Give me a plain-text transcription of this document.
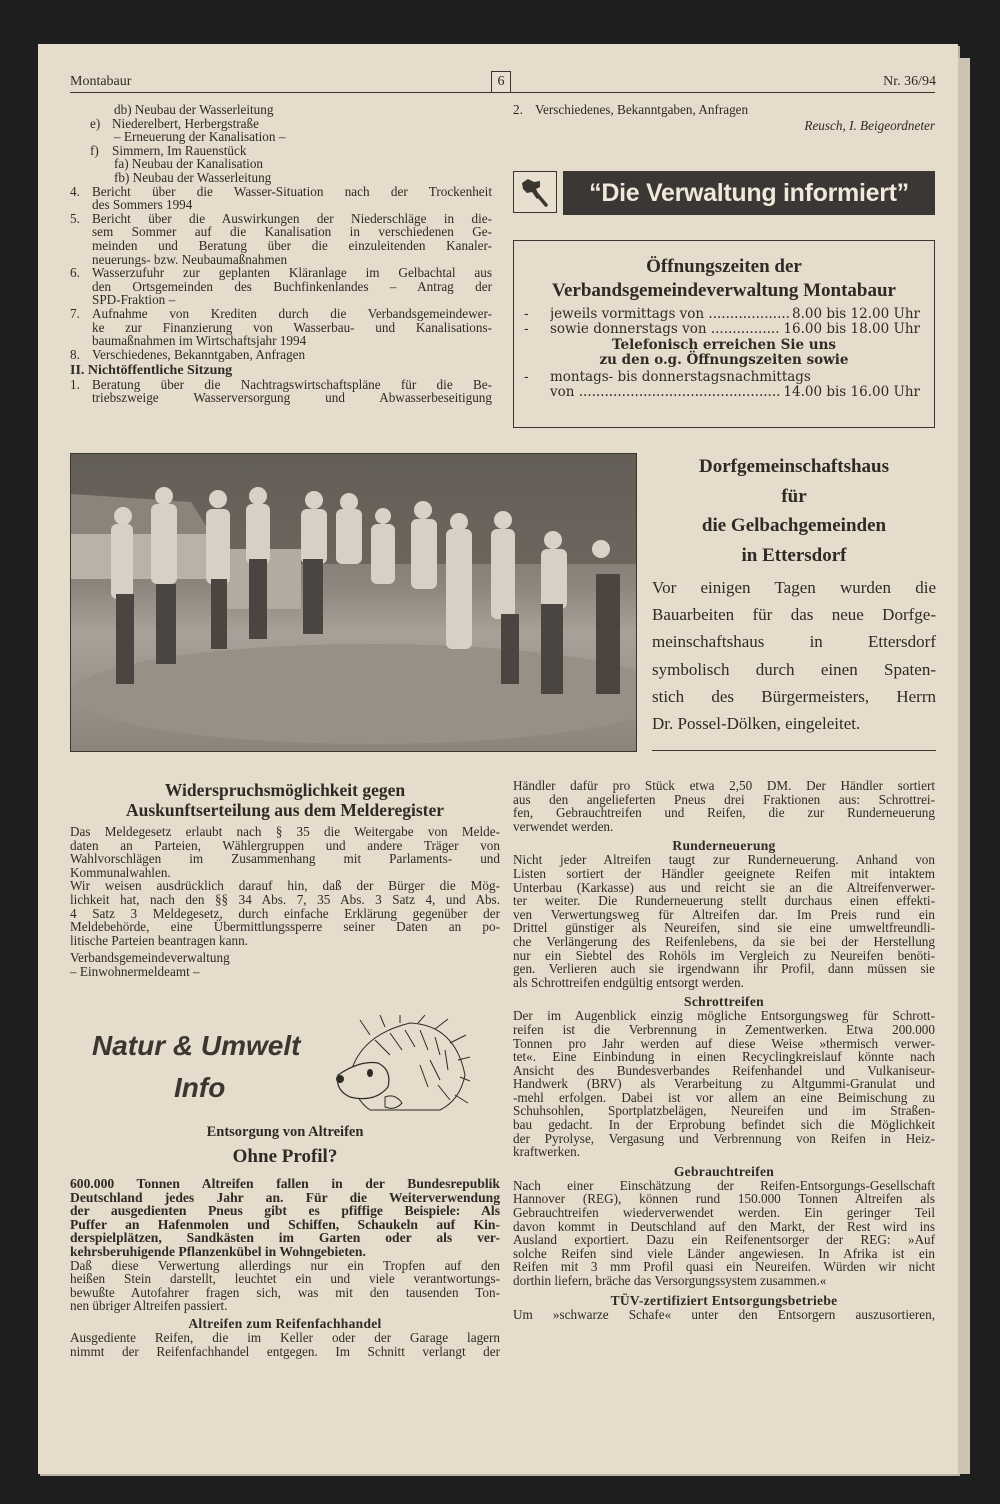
Montabaur	6	Nr. 36/94
db) Neubau der Wasserleitung
e) Niederelbert, Herbergstraße
– Erneuerung der Kanalisation –
f)	Simmern, Im Rauenstück
fa) Neubau der Kanalisation
fb) Neubau der Wasserleitung
4. Bericht über die Wasser-Situation nach der Trockenheit
des Sommers 1994
5. Bericht über die Auswirkungen der Niederschläge in die-
sem Sommer auf die Kanalisation in verschiedenen Ge-
meinden und Beratung über die einzuleitenden Kanaler-
neuerungs- bzw. Neubaumaßnahmen
6. Wasserzufuhr zur geplanten Kläranlage im Gelbachtal aus
den Ortsgemeinden des Buchfinkenlandes – Antrag der
SPD-Fraktion –
7. Aufnahme von Krediten durch die Verbandsgemeindewer-
ke zur Finanzierung von Wasserbau- und Kanalisations-
baumaßnahmen im Wirtschaftsjahr 1994
8. Verschiedenes, Bekanntgaben, Anfragen
II. Nichtöffentliche Sitzung
1. Beratung über die Nachtragswirtschaftspläne für die Be-
triebszweige Wasserversorgung und Abwasserbeseitigung
2. Verschiedenes, Bekanntgaben, Anfragen
Reusch, I. Beigeordneter
“Die Verwaltung informiert”
Öffnungszeiten der
Verbandsgemeindeverwaltung Montabaur
-	jeweils vormittags von .....	8.00 bis 12.00 Uhr
-	sowie donnerstags von .....	16.00 bis 18.00 Uhr
Telefonisch erreichen Sie uns
zu den o.g. Öffnungszeiten sowie
-	montags- bis donnerstagsnachmittags
von .....	14.00 bis 16.00 Uhr
Dorfgemeinschaftshaus
für
die Gelbachgemeinden
in Ettersdorf
Vor einigen Tagen wurden die
Bauarbeiten für das neue Dorfge-
meinschaftshaus in Ettersdorf
symbolisch durch einen Spaten-
stich des Bürgermeisters, Herrn
Dr. Possel-Dölken, eingeleitet.
Widerspruchsmöglichkeit gegen
Auskunftserteilung aus dem Melderegister
Das Meldegesetz erlaubt nach § 35 die Weitergabe von Melde-
daten an Parteien, Wählergruppen und andere Träger von
Wahlvorschlägen im Zusammenhang mit Parlaments- und
Kommunalwahlen.
Wir weisen ausdrücklich darauf hin, daß der Bürger die Mög-
lichkeit hat, nach den §§ 34 Abs. 7, 35 Abs. 3 Satz 4, und Abs.
4 Satz 3 Meldegesetz, durch einfache Erklärung gegenüber der
Meldebehörde, eine Übermittlungssperre seiner Daten an po-
litische Parteien beantragen kann.
Verbandsgemeindeverwaltung
– Einwohnermeldeamt –
Natur & Umwelt
Info
Entsorgung von Altreifen
Ohne Profil?
600.000 Tonnen Altreifen fallen in der Bundesrepublik
Deutschland jedes Jahr an. Für die Weiterverwendung
der ausgedienten Pneus gibt es pfiffige Beispiele: Als
Puffer an Hafenmolen und Schiffen, Schaukeln auf Kin-
derspielplätzen, Sandkästen im Garten oder als ver-
kehrsberuhigende Pflanzenkübel in Wohngebieten.
Daß diese Verwertung allerdings nur ein Tropfen auf den
heißen Stein darstellt, leuchtet ein und viele verantwortungs-
bewußte Autofahrer fragen sich, was mit den tausenden Ton-
nen übriger Altreifen passiert.
Altreifen zum Reifenfachhandel
Ausgediente Reifen, die im Keller oder der Garage lagern
nimmt der Reifenfachhandel entgegen. Im Schnitt verlangt der
Händler dafür pro Stück etwa 2,50 DM. Der Händler sortiert
aus den angelieferten Pneus drei Fraktionen aus: Schrottrei-
fen, Gebrauchtreifen und Reifen, die zur Runderneuerung
verwendet werden.
Runderneuerung
Nicht jeder Altreifen taugt zur Runderneuerung. Anhand von
Listen sortiert der Händler geeignete Reifen mit intaktem
Unterbau (Karkasse) aus und reicht sie an die Altreifenverwer-
ter weiter. Die Runderneuerung stellt durchaus einen effekti-
ven Verwertungsweg für Altreifen dar. Im Preis rund ein
Drittel günstiger als Neureifen, sind sie eine umweltfreundli-
che Verlängerung des Reifenlebens, da sie bei der Herstellung
nur ein Siebtel des Rohöls im Vergleich zu Neureifen benöti-
gen. Verlieren auch sie irgendwann ihr Profil, dann müssen sie
als Schrottreifen endgültig entsorgt werden.
Schrottreifen
Der im Augenblick einzig mögliche Entsorgungsweg für Schrott-
reifen ist die Verbrennung in Zementwerken. Etwa 200.000
Tonnen pro Jahr werden auf diese Weise »thermisch verwer-
tet«. Eine Einbindung in einen Recyclingkreislauf könnte nach
Ansicht des Bundesverbandes Reifenhandel und Vulkaniseur-
Handwerk (BRV) als Verarbeitung zu Altgummi-Granulat und
-mehl erfolgen. Dabei ist vor allem an eine Beimischung zu
Schuhsohlen, Sportplatzbelägen, Neureifen und im Straßen-
bau gedacht. In der Erprobung befindet sich die Möglichkeit
der Pyrolyse, Vergasung und Verbrennung von Reifen in Heiz-
kraftwerken.
Gebrauchtreifen
Nach einer Einschätzung der Reifen-Entsorgungs-Gesellschaft
Hannover (REG), können rund 150.000 Tonnen Altreifen als
Gebrauchtreifen wiederverwendet werden. Ein geringer Teil
davon kommt in Deutschland auf den Markt, der Rest wird ins
Ausland exportiert. Dazu ein Reifenentsorger der REG: »Auf
solche Reifen sind viele Länder angewiesen. In Afrika ist ein
Reifen mit 3 mm Profil quasi ein Neureifen. Würden wir nicht
dorthin liefern, bräche das Versorgungssystem zusammen.«
TÜV-zertifiziert Entsorgungsbetriebe
Um »schwarze Schafe« unter den Entsorgern auszusortieren,
